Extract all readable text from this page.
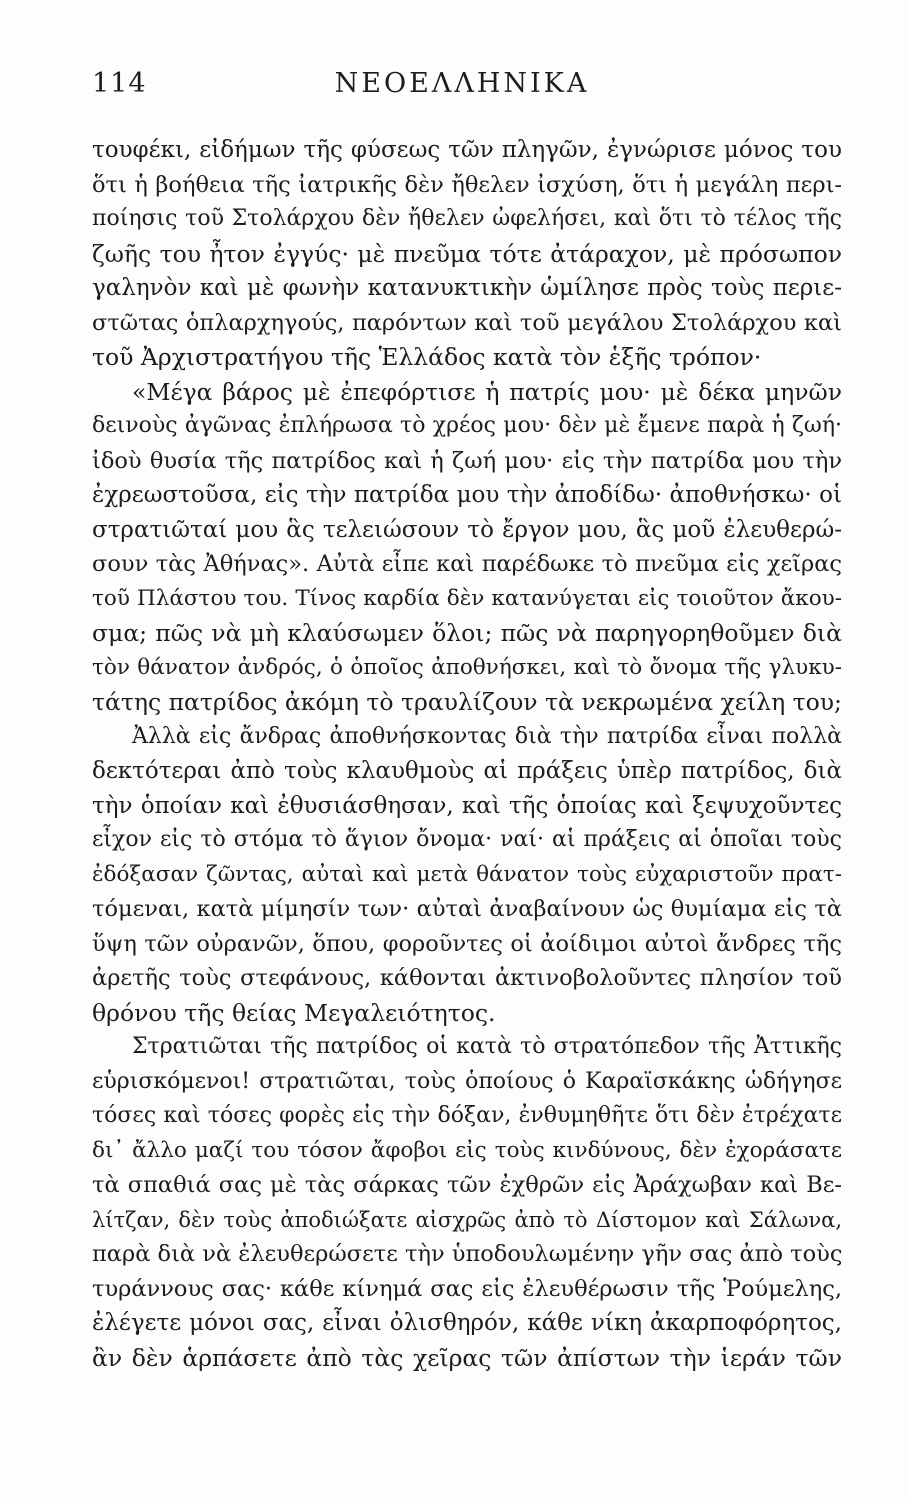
114	ΝΕΟΕΛΛΗΝΙΚΑ
τουφέκι, εἰδήμων τῆς φύσεως τῶν πληγῶν, ἐγνώρισε μόνος του
ὅτι ἡ βοήθεια τῆς ἰατρικῆς δὲν ἤθελεν ἰσχύση, ὅτι ἡ μεγάλη περι-
ποίησις τοῦ Στολάρχου δὲν ἤθελεν ὠφελήσει, καὶ ὅτι τὸ τέλος τῆς
ζωῆς του ἦτον ἐγγύς· μὲ πνεῦμα τότε ἀτάραχον, μὲ πρόσωπον
γαληνὸν καὶ μὲ φωνὴν κατανυκτικὴν ὡμίλησε πρὸς τοὺς περιε-
στῶτας ὁπλαρχηγούς, παρόντων καὶ τοῦ μεγάλου Στολάρχου καὶ
τοῦ Ἀρχιστρατήγου τῆς Ἑλλάδος κατὰ τὸν ἑξῆς τρόπον·
«Μέγα βάρος μὲ ἐπεφόρτισε ἡ πατρίς μου· μὲ δέκα μηνῶν
δεινοὺς ἀγῶνας ἐπλήρωσα τὸ χρέος μου· δὲν μὲ ἔμενε παρὰ ἡ ζωή·
ἰδοὺ θυσία τῆς πατρίδος καὶ ἡ ζωή μου· εἰς τὴν πατρίδα μου τὴν
ἐχρεωστοῦσα, εἰς τὴν πατρίδα μου τὴν ἀποδίδω· ἀποθνήσκω· οἱ
στρατιῶταί μου ἃς τελειώσουν τὸ ἔργον μου, ἃς μοῦ ἐλευθερώ-
σουν τὰς Ἀθήνας». Αὐτὰ εἶπε καὶ παρέδωκε τὸ πνεῦμα εἰς χεῖρας
τοῦ Πλάστου του. Τίνος καρδία δὲν κατανύγεται εἰς τοιοῦτον ἄκου-
σμα; πῶς νὰ μὴ κλαύσωμεν ὅλοι; πῶς νὰ παρηγορηθοῦμεν διὰ
τὸν θάνατον ἀνδρός, ὁ ὁποῖος ἀποθνήσκει, καὶ τὸ ὄνομα τῆς γλυκυ-
τάτης πατρίδος ἀκόμη τὸ τραυλίζουν τὰ νεκρωμένα χείλη του;
Ἀλλὰ εἰς ἄνδρας ἀποθνήσκοντας διὰ τὴν πατρίδα εἶναι πολλὰ
δεκτότεραι ἀπὸ τοὺς κλαυθμοὺς αἱ πράξεις ὑπὲρ πατρίδος, διὰ
τὴν ὁποίαν καὶ ἐθυσιάσθησαν, καὶ τῆς ὁποίας καὶ ξεψυχοῦντες
εἶχον εἰς τὸ στόμα τὸ ἅγιον ὄνομα· ναί· αἱ πράξεις αἱ ὁποῖαι τοὺς
ἐδόξασαν ζῶντας, αὐταὶ καὶ μετὰ θάνατον τοὺς εὐχαριστοῦν πρατ-
τόμεναι, κατὰ μίμησίν των· αὐταὶ ἀναβαίνουν ὡς θυμίαμα εἰς τὰ
ὕψη τῶν οὐρανῶν, ὅπου, φοροῦντες οἱ ἀοίδιμοι αὐτοὶ ἄνδρες τῆς
ἀρετῆς τοὺς στεφάνους, κάθονται ἀκτινοβολοῦντες πλησίον τοῦ
θρόνου τῆς θείας Μεγαλειότητος.
Στρατιῶται τῆς πατρίδος οἱ κατὰ τὸ στρατόπεδον τῆς Ἀττικῆς
εὑρισκόμενοι! στρατιῶται, τοὺς ὁποίους ὁ Καραϊσκάκης ὡδήγησε
τόσες καὶ τόσες φορὲς εἰς τὴν δόξαν, ἐνθυμηθῆτε ὅτι δὲν ἐτρέχατε
δι᾽ ἄλλο μαζί του τόσον ἄφοβοι εἰς τοὺς κινδύνους, δὲν ἐχοράσατε
τὰ σπαθιά σας μὲ τὰς σάρκας τῶν ἐχθρῶν εἰς Ἀράχωβαν καὶ Βε-
λίτζαν, δὲν τοὺς ἀποδιώξατε αἰσχρῶς ἀπὸ τὸ Δίστομον καὶ Σάλωνα,
παρὰ διὰ νὰ ἐλευθερώσετε τὴν ὑποδουλωμένην γῆν σας ἀπὸ τοὺς
τυράννους σας· κάθε κίνημά σας εἰς ἐλευθέρωσιν τῆς Ῥούμελης,
ἐλέγετε μόνοι σας, εἶναι ὀλισθηρόν, κάθε νίκη ἀκαρποφόρητος,
ἂν δὲν ἁρπάσετε ἀπὸ τὰς χεῖρας τῶν ἀπίστων τὴν ἱεράν τῶν
